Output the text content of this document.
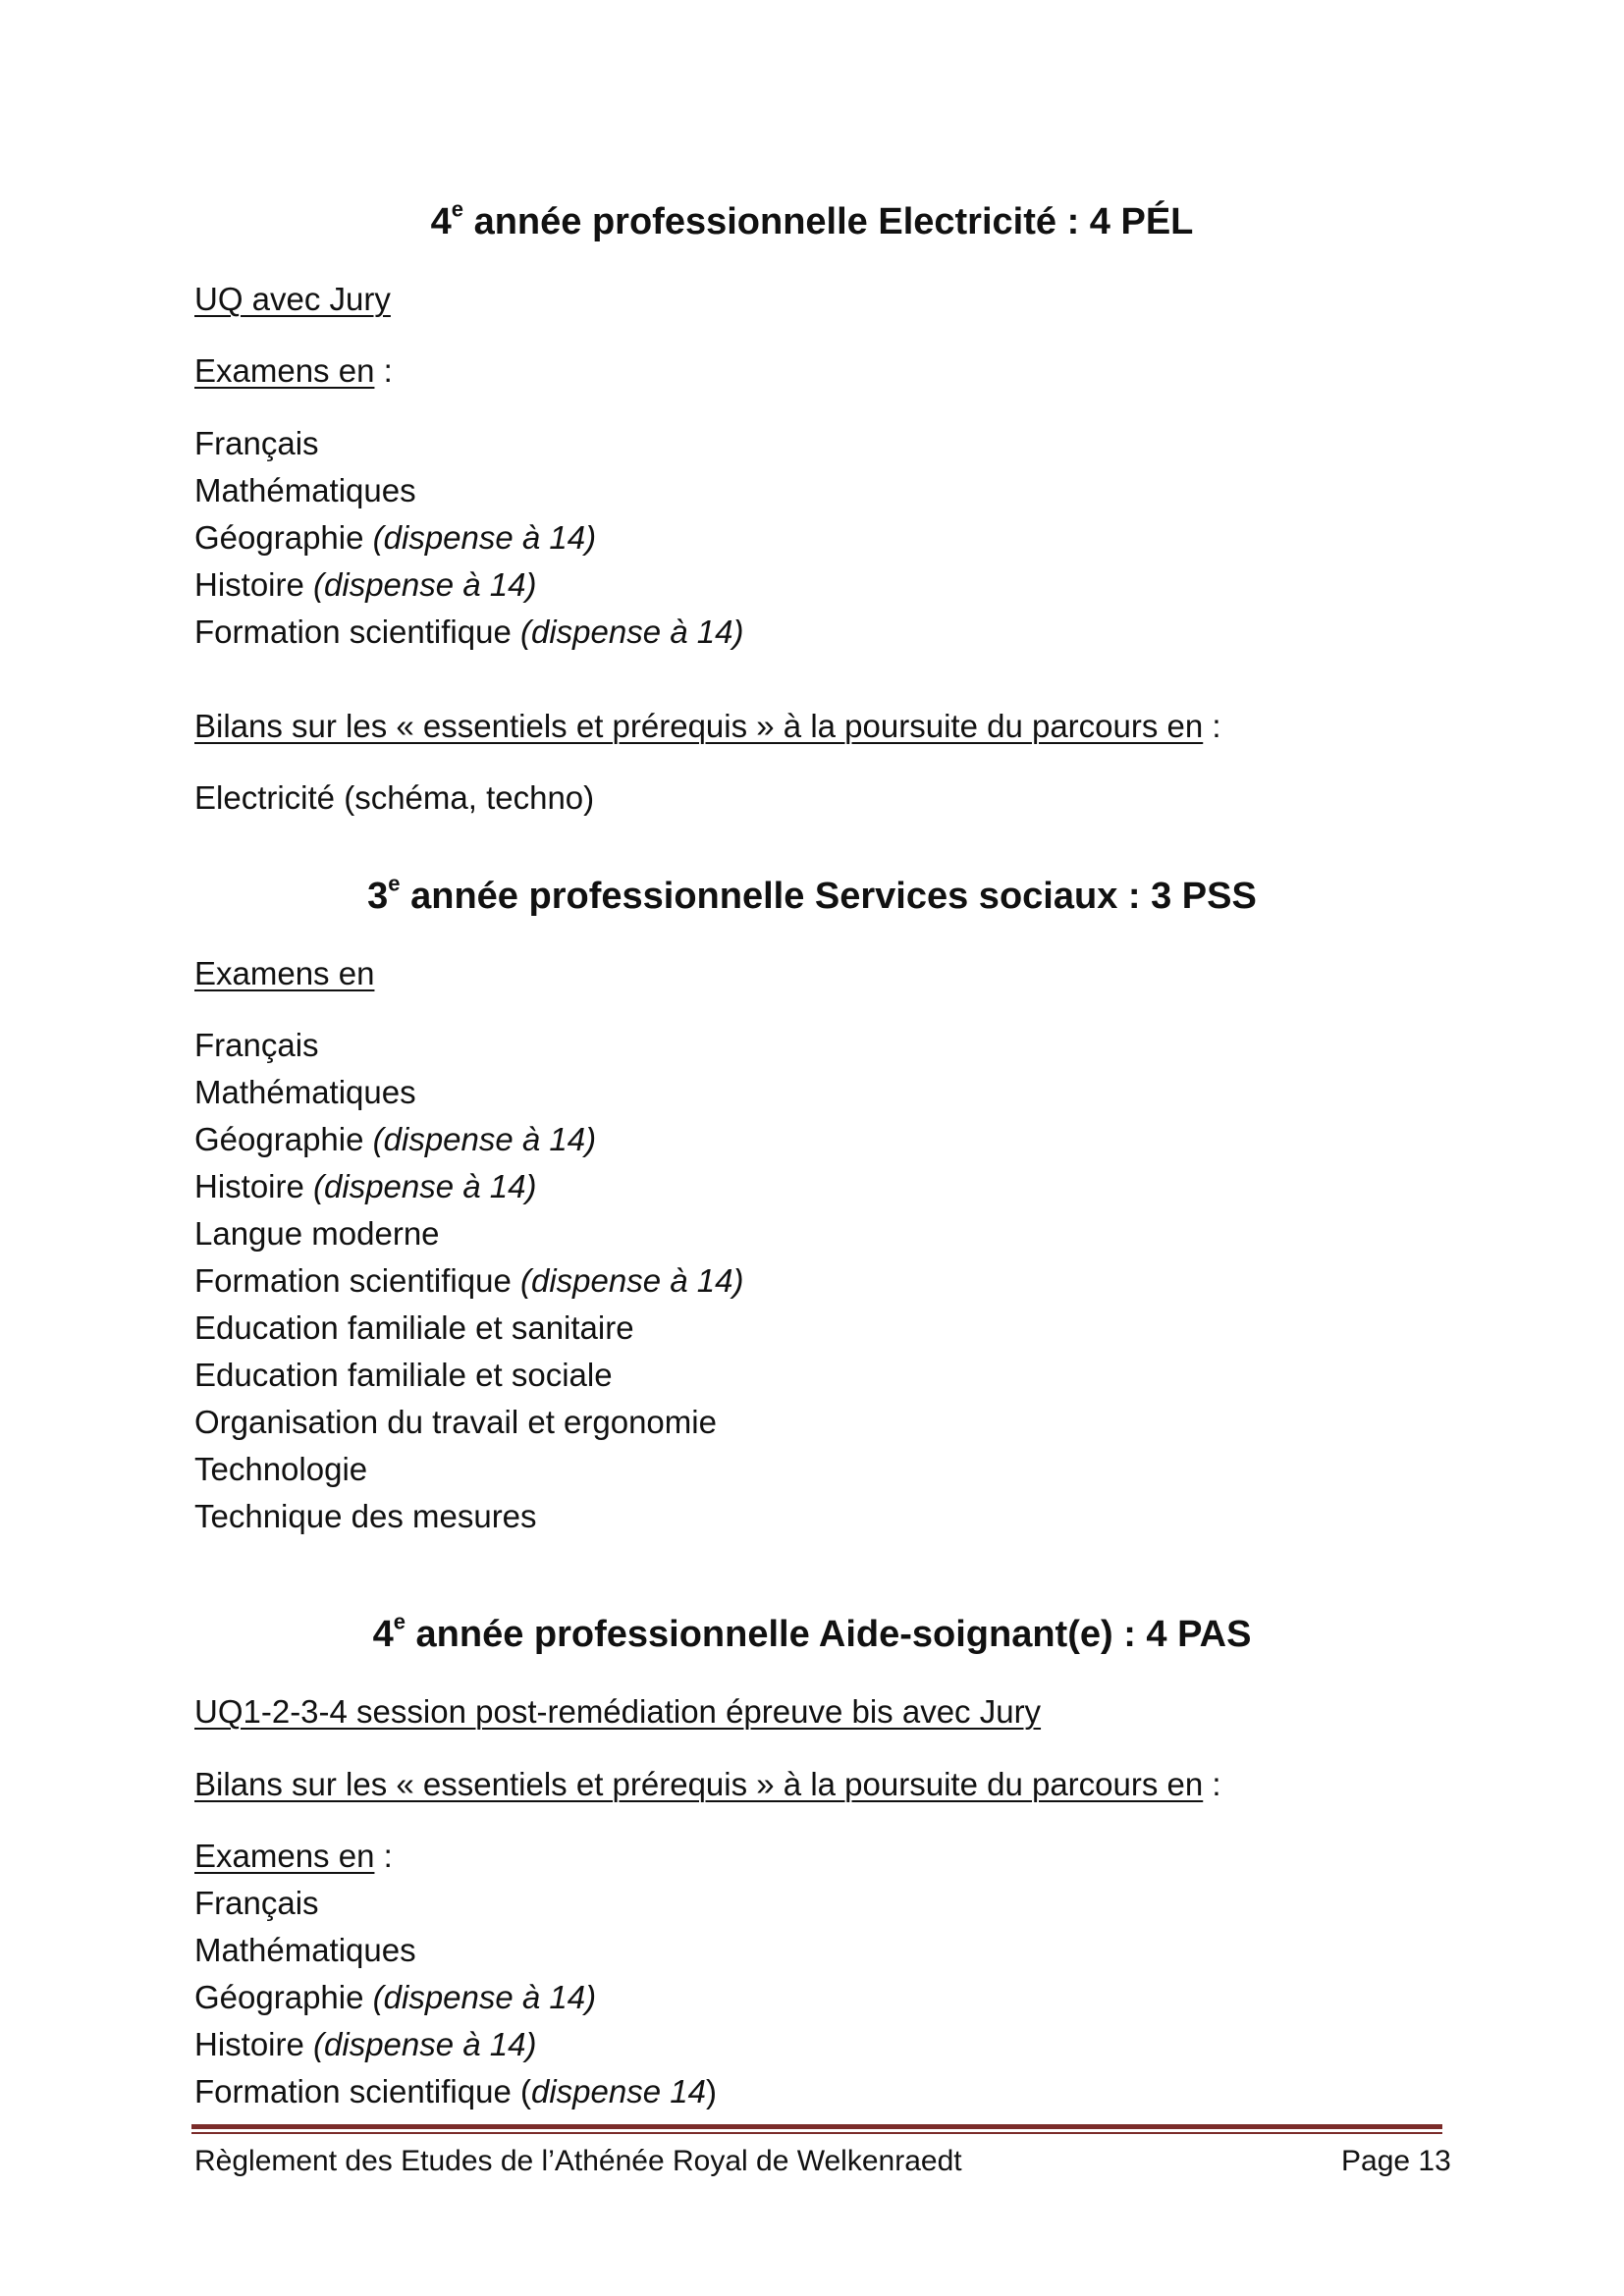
4e année professionnelle Electricité : 4 PÉL
UQ avec Jury
Examens en :
Français
Mathématiques
Géographie (dispense à 14)
Histoire (dispense à 14)
Formation scientifique (dispense à 14)
Bilans sur les « essentiels et prérequis » à la poursuite du parcours en :
Electricité (schéma, techno)
3e année professionnelle Services sociaux : 3 PSS
Examens en
Français
Mathématiques
Géographie (dispense à 14)
Histoire (dispense à 14)
Langue moderne
Formation scientifique (dispense à 14)
Education familiale et sanitaire
Education familiale et sociale
Organisation du travail et ergonomie
Technologie
Technique des mesures
4e année professionnelle Aide-soignant(e) : 4 PAS
UQ1-2-3-4 session post-remédiation épreuve bis avec Jury
Bilans sur les « essentiels et prérequis » à la poursuite du parcours en :
Examens en :
Français
Mathématiques
Géographie (dispense à 14)
Histoire (dispense à 14)
Formation scientifique (dispense 14)
Règlement des Etudes de l’Athénée Royal de Welkenraedt	Page 13
